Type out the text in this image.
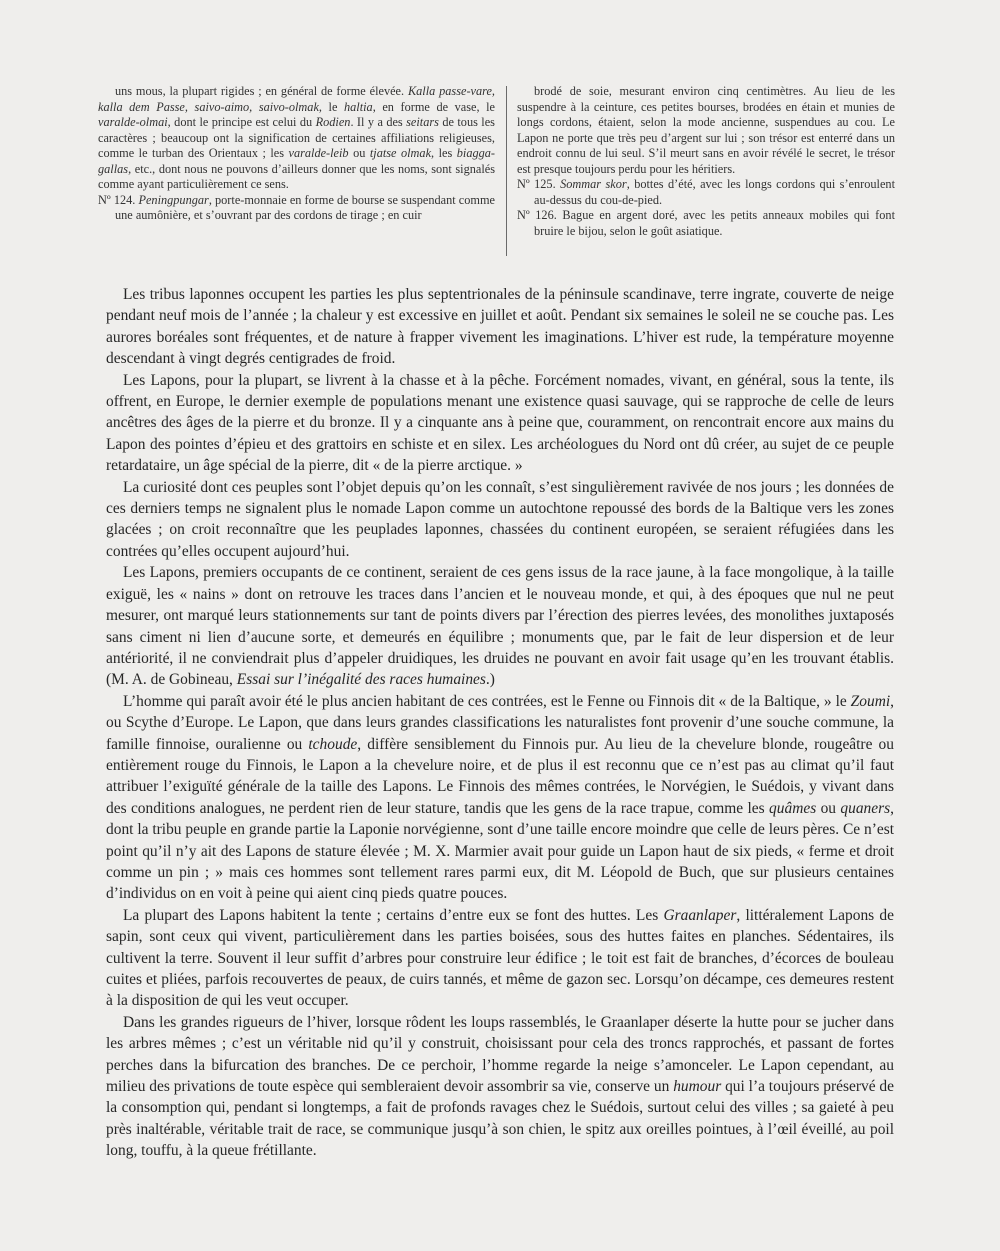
uns mous, la plupart rigides ; en général de forme élevée. Kalla passe-vare, kalla dem Passe, saivo-aimo, saivo-olmak, le haltia, en forme de vase, le varalde-olmai, dont le principe est celui du Rodien. Il y a des seitars de tous les caractères ; beaucoup ont la signification de certaines affiliations religieuses, comme le turban des Orientaux ; les varalde-leib ou tjatse olmak, les biagga-gallas, etc., dont nous ne pouvons d’ailleurs donner que les noms, sont signalés comme ayant particulièrement ce sens.

Nº 124. Peningpungar, porte-monnaie en forme de bourse se suspendant comme une aumônière, et s’ouvrant par des cordons de tirage ; en cuir

brodé de soie, mesurant environ cinq centimètres. Au lieu de les suspendre à la ceinture, ces petites bourses, brodées en étain et munies de longs cordons, étaient, selon la mode ancienne, suspendues au cou. Le Lapon ne porte que très peu d’argent sur lui ; son trésor est enterré dans un endroit connu de lui seul. S’il meurt sans en avoir révélé le secret, le trésor est presque toujours perdu pour les héritiers.

Nº 125. Sommar skor, bottes d’été, avec les longs cordons qui s’enroulent au-dessus du cou-de-pied.

Nº 126. Bague en argent doré, avec les petits anneaux mobiles qui font bruire le bijou, selon le goût asiatique.

Les tribus laponnes occupent les parties les plus septentrionales de la péninsule scandinave, terre ingrate, couverte de neige pendant neuf mois de l’année ; la chaleur y est excessive en juillet et août. Pendant six semaines le soleil ne se couche pas. Les aurores boréales sont fréquentes, et de nature à frapper vivement les imaginations. L’hiver est rude, la température moyenne descendant à vingt degrés centigrades de froid.

Les Lapons, pour la plupart, se livrent à la chasse et à la pêche. Forcément nomades, vivant, en général, sous la tente, ils offrent, en Europe, le dernier exemple de populations menant une existence quasi sauvage, qui se rapproche de celle de leurs ancêtres des âges de la pierre et du bronze. Il y a cinquante ans à peine que, couramment, on rencontrait encore aux mains du Lapon des pointes d’épieu et des grattoirs en schiste et en silex. Les archéologues du Nord ont dû créer, au sujet de ce peuple retardataire, un âge spécial de la pierre, dit « de la pierre arctique. »

La curiosité dont ces peuples sont l’objet depuis qu’on les connaît, s’est singulièrement ravivée de nos jours ; les données de ces derniers temps ne signalent plus le nomade Lapon comme un autochtone repoussé des bords de la Baltique vers les zones glacées ; on croit reconnaître que les peuplades laponnes, chassées du continent européen, se seraient réfugiées dans les contrées qu’elles occupent aujourd’hui.

Les Lapons, premiers occupants de ce continent, seraient de ces gens issus de la race jaune, à la face mongolique, à la taille exiguë, les « nains » dont on retrouve les traces dans l’ancien et le nouveau monde, et qui, à des époques que nul ne peut mesurer, ont marqué leurs stationnements sur tant de points divers par l’érection des pierres levées, des monolithes juxtaposés sans ciment ni lien d’aucune sorte, et demeurés en équilibre ; monuments que, par le fait de leur dispersion et de leur antériorité, il ne conviendrait plus d’appeler druidiques, les druides ne pouvant en avoir fait usage qu’en les trouvant établis. (M. A. de Gobineau, Essai sur l’inégalité des races humaines.)

L’homme qui paraît avoir été le plus ancien habitant de ces contrées, est le Fenne ou Finnois dit « de la Baltique, » le Zoumi, ou Scythe d’Europe. Le Lapon, que dans leurs grandes classifications les naturalistes font provenir d’une souche commune, la famille finnoise, ouralienne ou tchoude, diffère sensiblement du Finnois pur. Au lieu de la chevelure blonde, rougeâtre ou entièrement rouge du Finnois, le Lapon a la chevelure noire, et de plus il est reconnu que ce n’est pas au climat qu’il faut attribuer l’exiguïté générale de la taille des Lapons. Le Finnois des mêmes contrées, le Norvégien, le Suédois, y vivant dans des conditions analogues, ne perdent rien de leur stature, tandis que les gens de la race trapue, comme les quâmes ou quaners, dont la tribu peuple en grande partie la Laponie norvégienne, sont d’une taille encore moindre que celle de leurs pères. Ce n’est point qu’il n’y ait des Lapons de stature élevée ; M. X. Marmier avait pour guide un Lapon haut de six pieds, « ferme et droit comme un pin ; » mais ces hommes sont tellement rares parmi eux, dit M. Léopold de Buch, que sur plusieurs centaines d’individus on en voit à peine qui aient cinq pieds quatre pouces.

La plupart des Lapons habitent la tente ; certains d’entre eux se font des huttes. Les Graanlaper, littéralement Lapons de sapin, sont ceux qui vivent, particulièrement dans les parties boisées, sous des huttes faites en planches. Sédentaires, ils cultivent la terre. Souvent il leur suffit d’arbres pour construire leur édifice ; le toit est fait de branches, d’écorces de bouleau cuites et pliées, parfois recouvertes de peaux, de cuirs tannés, et même de gazon sec. Lorsqu’on décampe, ces demeures restent à la disposition de qui les veut occuper.

Dans les grandes rigueurs de l’hiver, lorsque rôdent les loups rassemblés, le Graanlaper déserte la hutte pour se jucher dans les arbres mêmes ; c’est un véritable nid qu’il y construit, choisissant pour cela des troncs rapprochés, et passant de fortes perches dans la bifurcation des branches. De ce perchoir, l’homme regarde la neige s’amonceler. Le Lapon cependant, au milieu des privations de toute espèce qui sembleraient devoir assombrir sa vie, conserve un humour qui l’a toujours préservé de la consomption qui, pendant si longtemps, a fait de profonds ravages chez le Suédois, surtout celui des villes ; sa gaieté à peu près inaltérable, véritable trait de race, se communique jusqu’à son chien, le spitz aux oreilles pointues, à l’œil éveillé, au poil long, touffu, à la queue frétillante.
